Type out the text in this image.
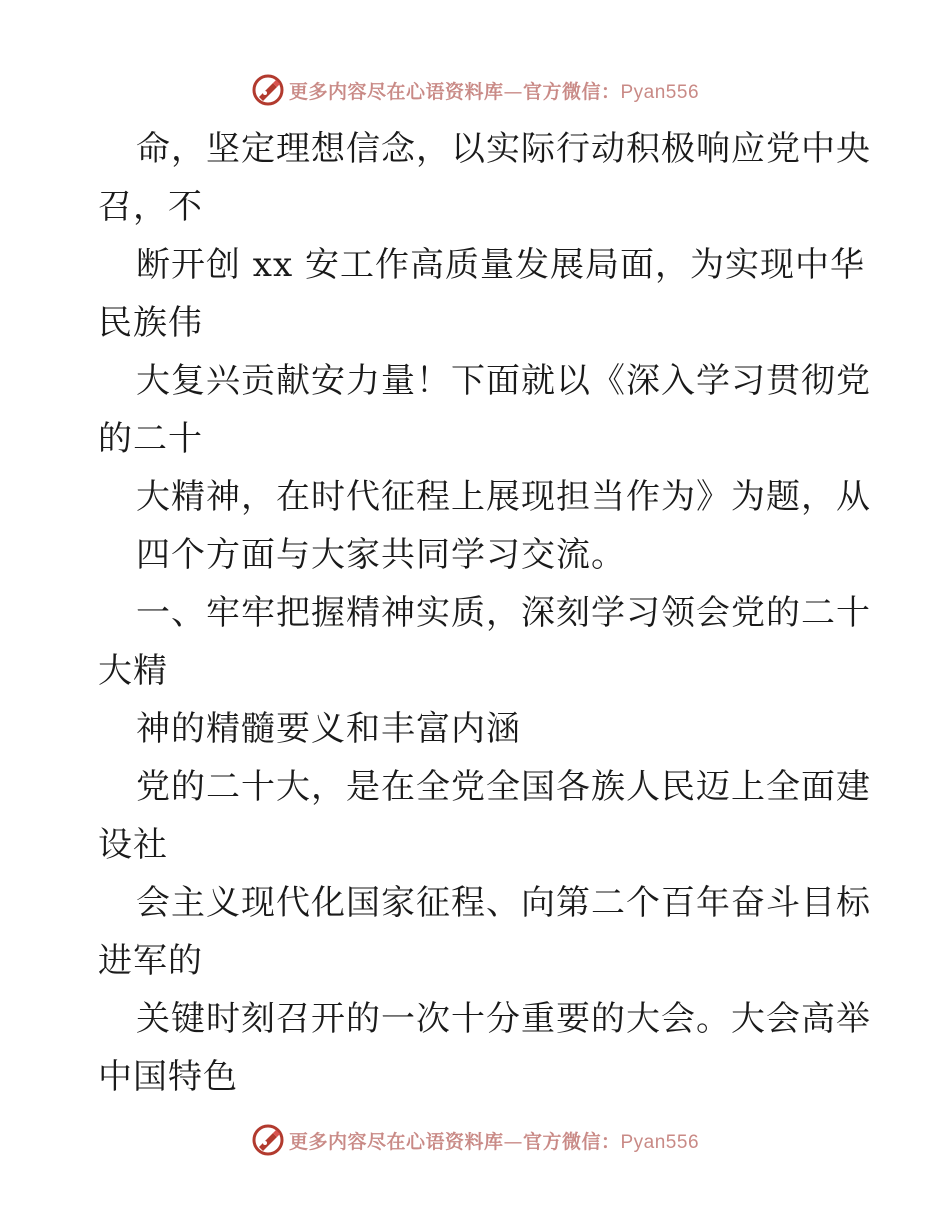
更多内容尽在心语资料库—官方微信：Pyan556
命，坚定理想信念，以实际行动积极响应党中央
召，不
断开创 xx 安工作高质量发展局面，为实现中华
民族伟
大复兴贡献安力量！下面就以《深入学习贯彻党
的二十
大精神，在时代征程上展现担当作为》为题，从
四个方面与大家共同学习交流。
一、牢牢把握精神实质，深刻学习领会党的二十
大精
神的精髓要义和丰富内涵
党的二十大，是在全党全国各族人民迈上全面建
设社
会主义现代化国家征程、向第二个百年奋斗目标
进军的
关键时刻召开的一次十分重要的大会。大会高举
中国特色
更多内容尽在心语资料库—官方微信：Pyan556
